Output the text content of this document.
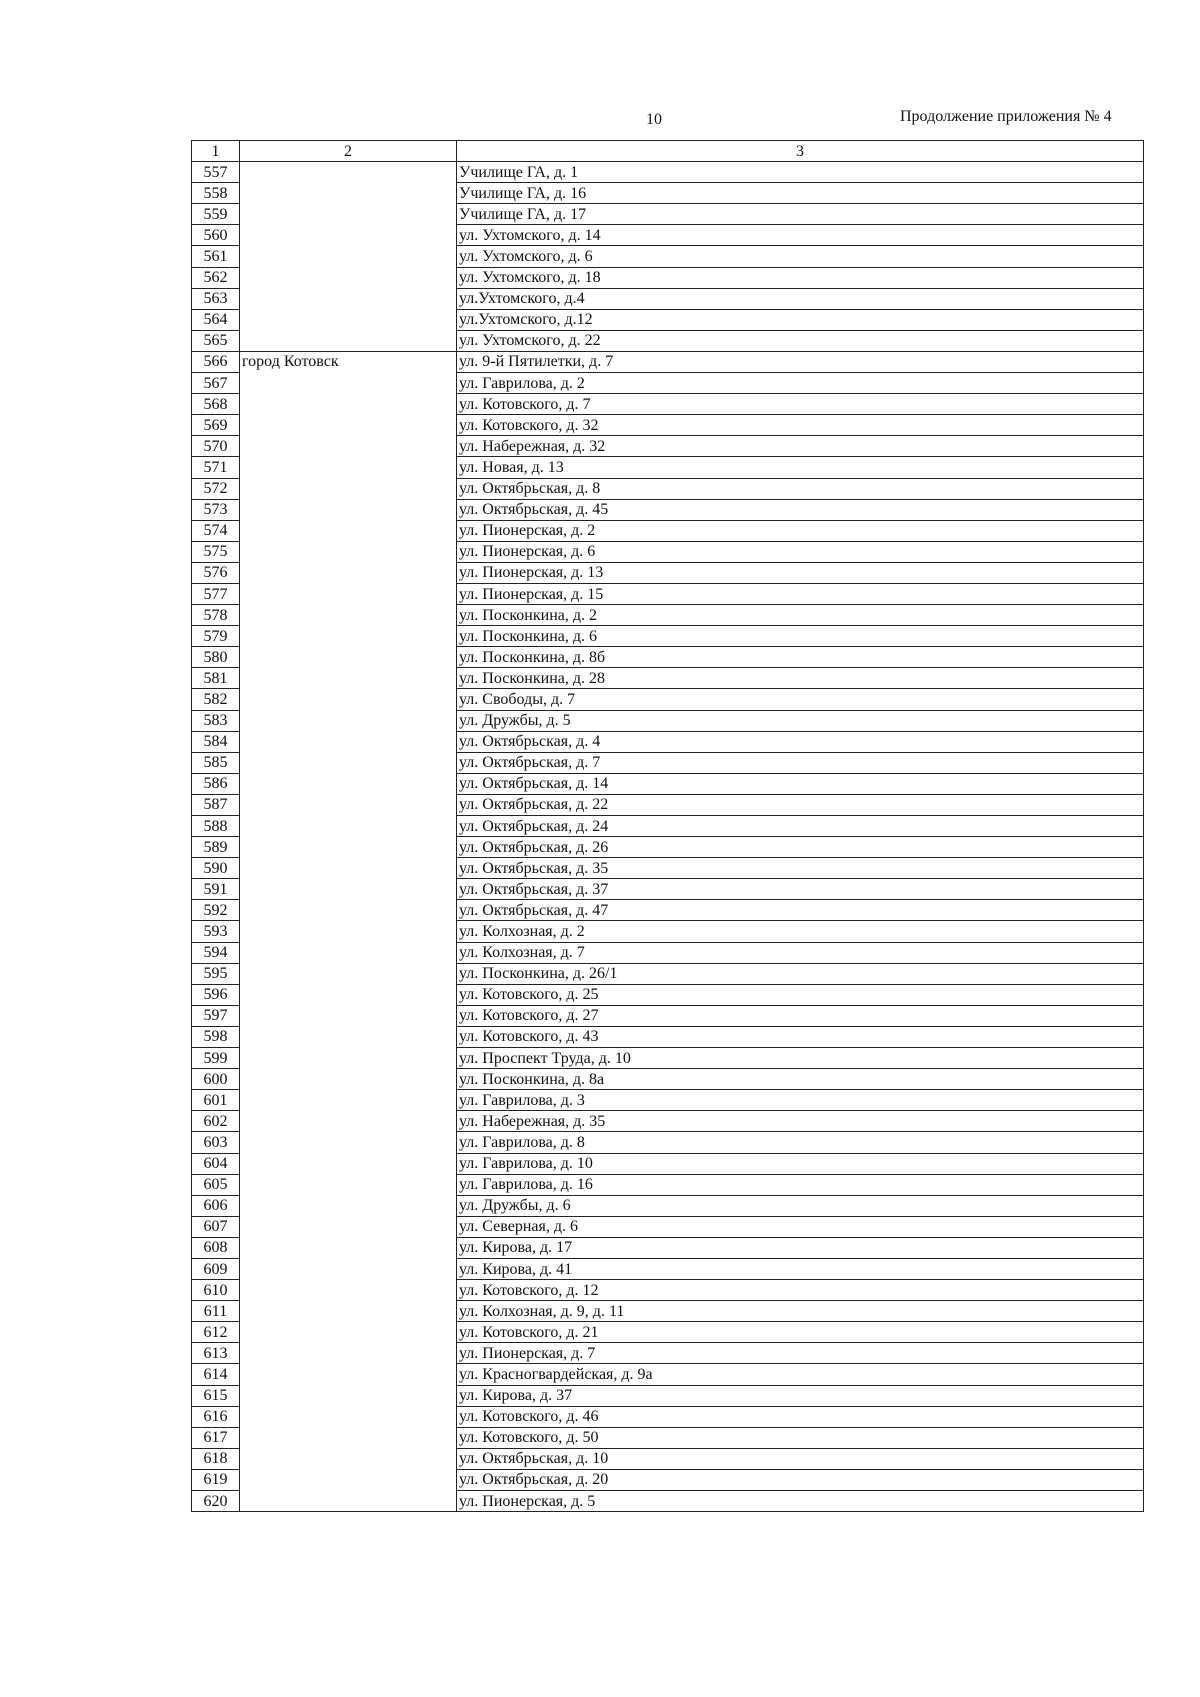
10	Продолжение приложения № 4
1	2	3
557		Училище ГА, д. 1
558		Училище ГА, д. 16
559		Училище ГА, д. 17
560		ул. Ухтомского, д. 14
561		ул. Ухтомского, д. 6
562		ул. Ухтомского, д. 18
563		ул.Ухтомского, д.4
564		ул.Ухтомского, д.12
565		ул. Ухтомского, д. 22
566	город Котовск	ул. 9-й Пятилетки, д. 7
567		ул. Гаврилова, д. 2
568		ул. Котовского, д. 7
569		ул. Котовского, д. 32
570		ул. Набережная, д. 32
571		ул. Новая, д. 13
572		ул. Октябрьская, д. 8
573		ул. Октябрьская, д. 45
574		ул. Пионерская, д. 2
575		ул. Пионерская, д. 6
576		ул. Пионерская, д. 13
577		ул. Пионерская, д. 15
578		ул. Посконкина, д. 2
579		ул. Посконкина, д. 6
580		ул. Посконкина, д. 8б
581		ул. Посконкина, д. 28
582		ул. Свободы, д. 7
583		ул. Дружбы, д. 5
584		ул. Октябрьская, д. 4
585		ул. Октябрьская, д. 7
586		ул. Октябрьская, д. 14
587		ул. Октябрьская, д. 22
588		ул. Октябрьская, д. 24
589		ул. Октябрьская, д. 26
590		ул. Октябрьская, д. 35
591		ул. Октябрьская, д. 37
592		ул. Октябрьская, д. 47
593		ул. Колхозная, д. 2
594		ул. Колхозная, д. 7
595		ул. Посконкина, д. 26/1
596		ул. Котовского, д. 25
597		ул. Котовского, д. 27
598		ул. Котовского, д. 43
599		ул. Проспект Труда, д. 10
600		ул. Посконкина, д. 8а
601		ул. Гаврилова, д. 3
602		ул. Набережная, д. 35
603		ул. Гаврилова, д. 8
604		ул. Гаврилова, д. 10
605		ул. Гаврилова, д. 16
606		ул. Дружбы, д. 6
607		ул. Северная, д. 6
608		ул. Кирова, д. 17
609		ул. Кирова, д. 41
610		ул. Котовского, д. 12
611		ул. Колхозная, д. 9, д. 11
612		ул. Котовского, д. 21
613		ул. Пионерская, д. 7
614		ул. Красногвардейская, д. 9а
615		ул. Кирова, д. 37
616		ул. Котовского, д. 46
617		ул. Котовского, д. 50
618		ул. Октябрьская, д. 10
619		ул. Октябрьская, д. 20
620		ул. Пионерская, д. 5
